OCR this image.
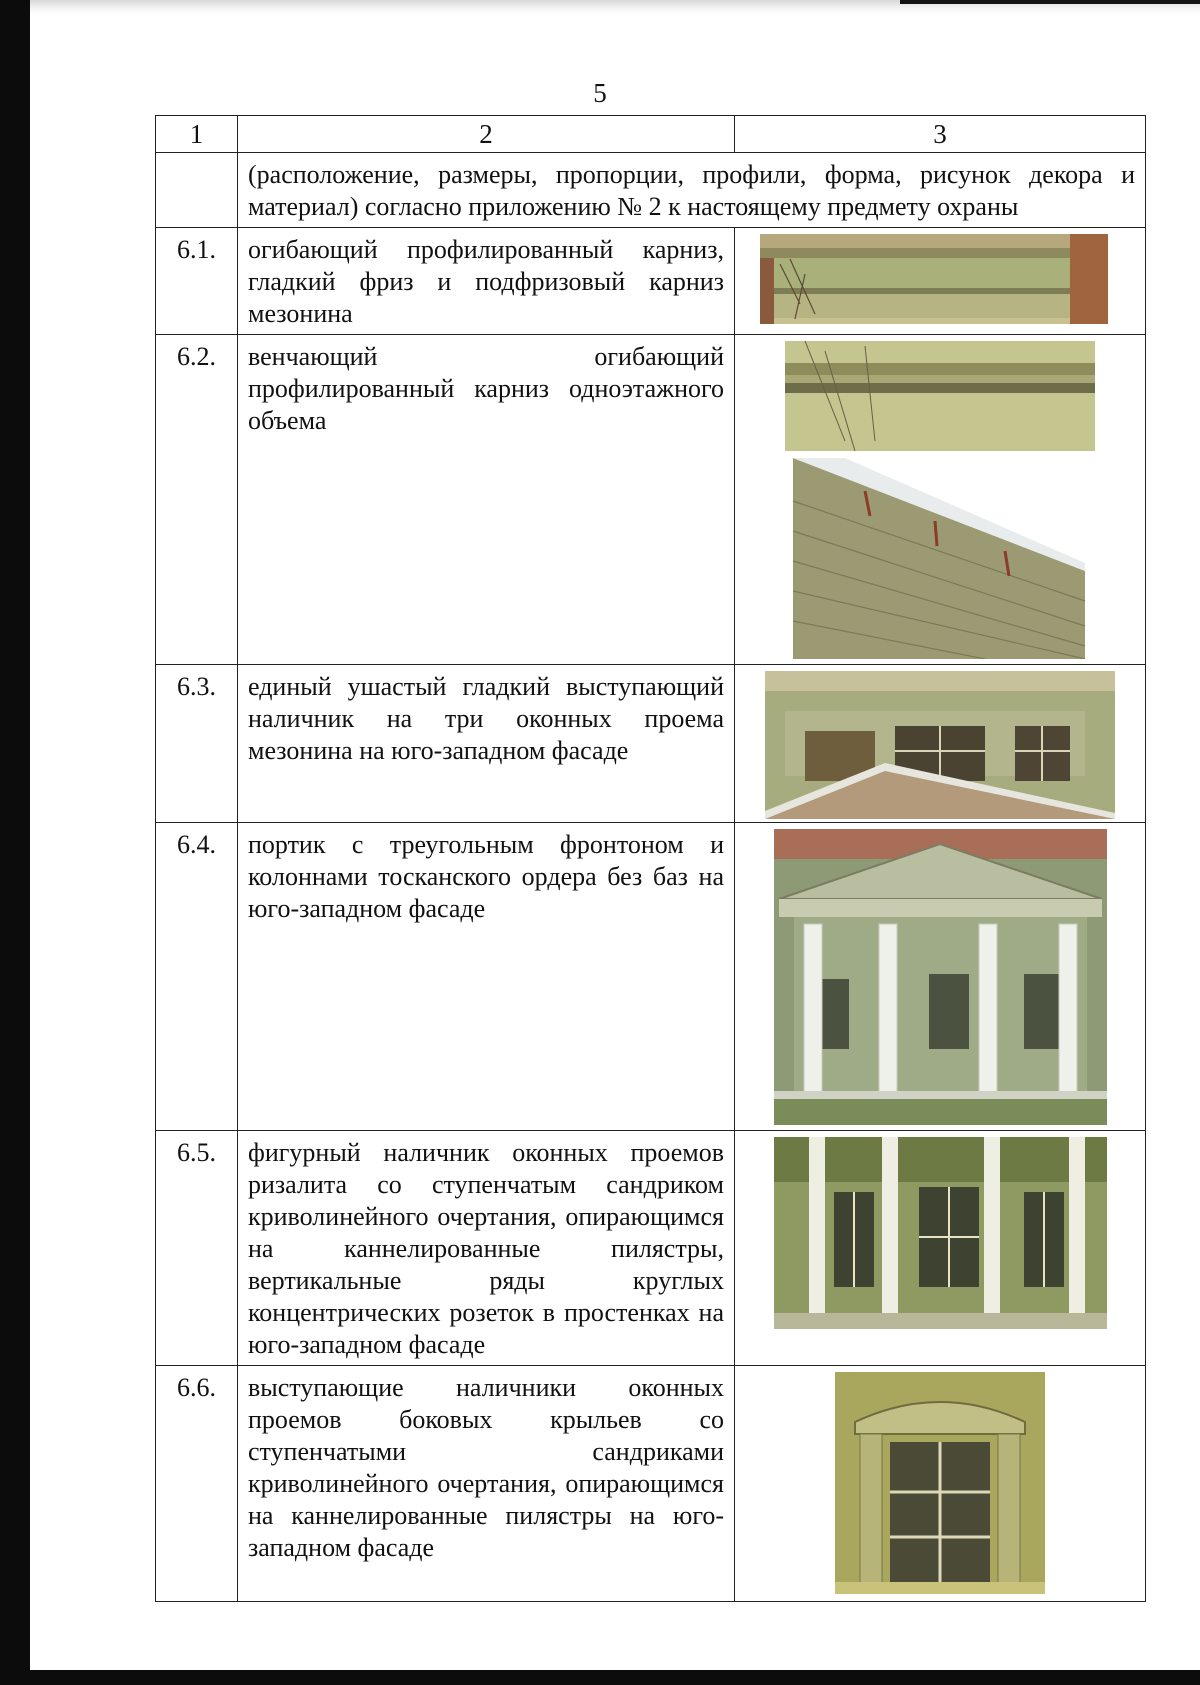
5
1	2	3
	(расположение, размеры, пропорции, профили, форма, рисунок декора и материал) согласно приложению № 2 к настоящему предмету охраны	
6.1.	огибающий профилированный карниз, гладкий фриз и подфризовый карниз мезонина	

6.2.	венчающий огибающий профилированный карниз одноэтажного объема	

6.3.	единый ушастый гладкий выступающий наличник на три оконных проема мезонина на юго-западном фасаде	

6.4.	портик с треугольным фронтоном и колоннами тосканского ордера без баз на юго-западном фасаде	

6.5.	фигурный наличник оконных проемов ризалита со ступенчатым сандриком криволинейного очертания, опирающимся на каннелированные пилястры, вертикальные ряды круглых концентрических розеток в простенках на юго-западном фасаде	

6.6.	выступающие наличники оконных проемов боковых крыльев со ступенчатыми сандриками криволинейного очертания, опирающимся на каннелированные пилястры на юго-западном фасаде	
